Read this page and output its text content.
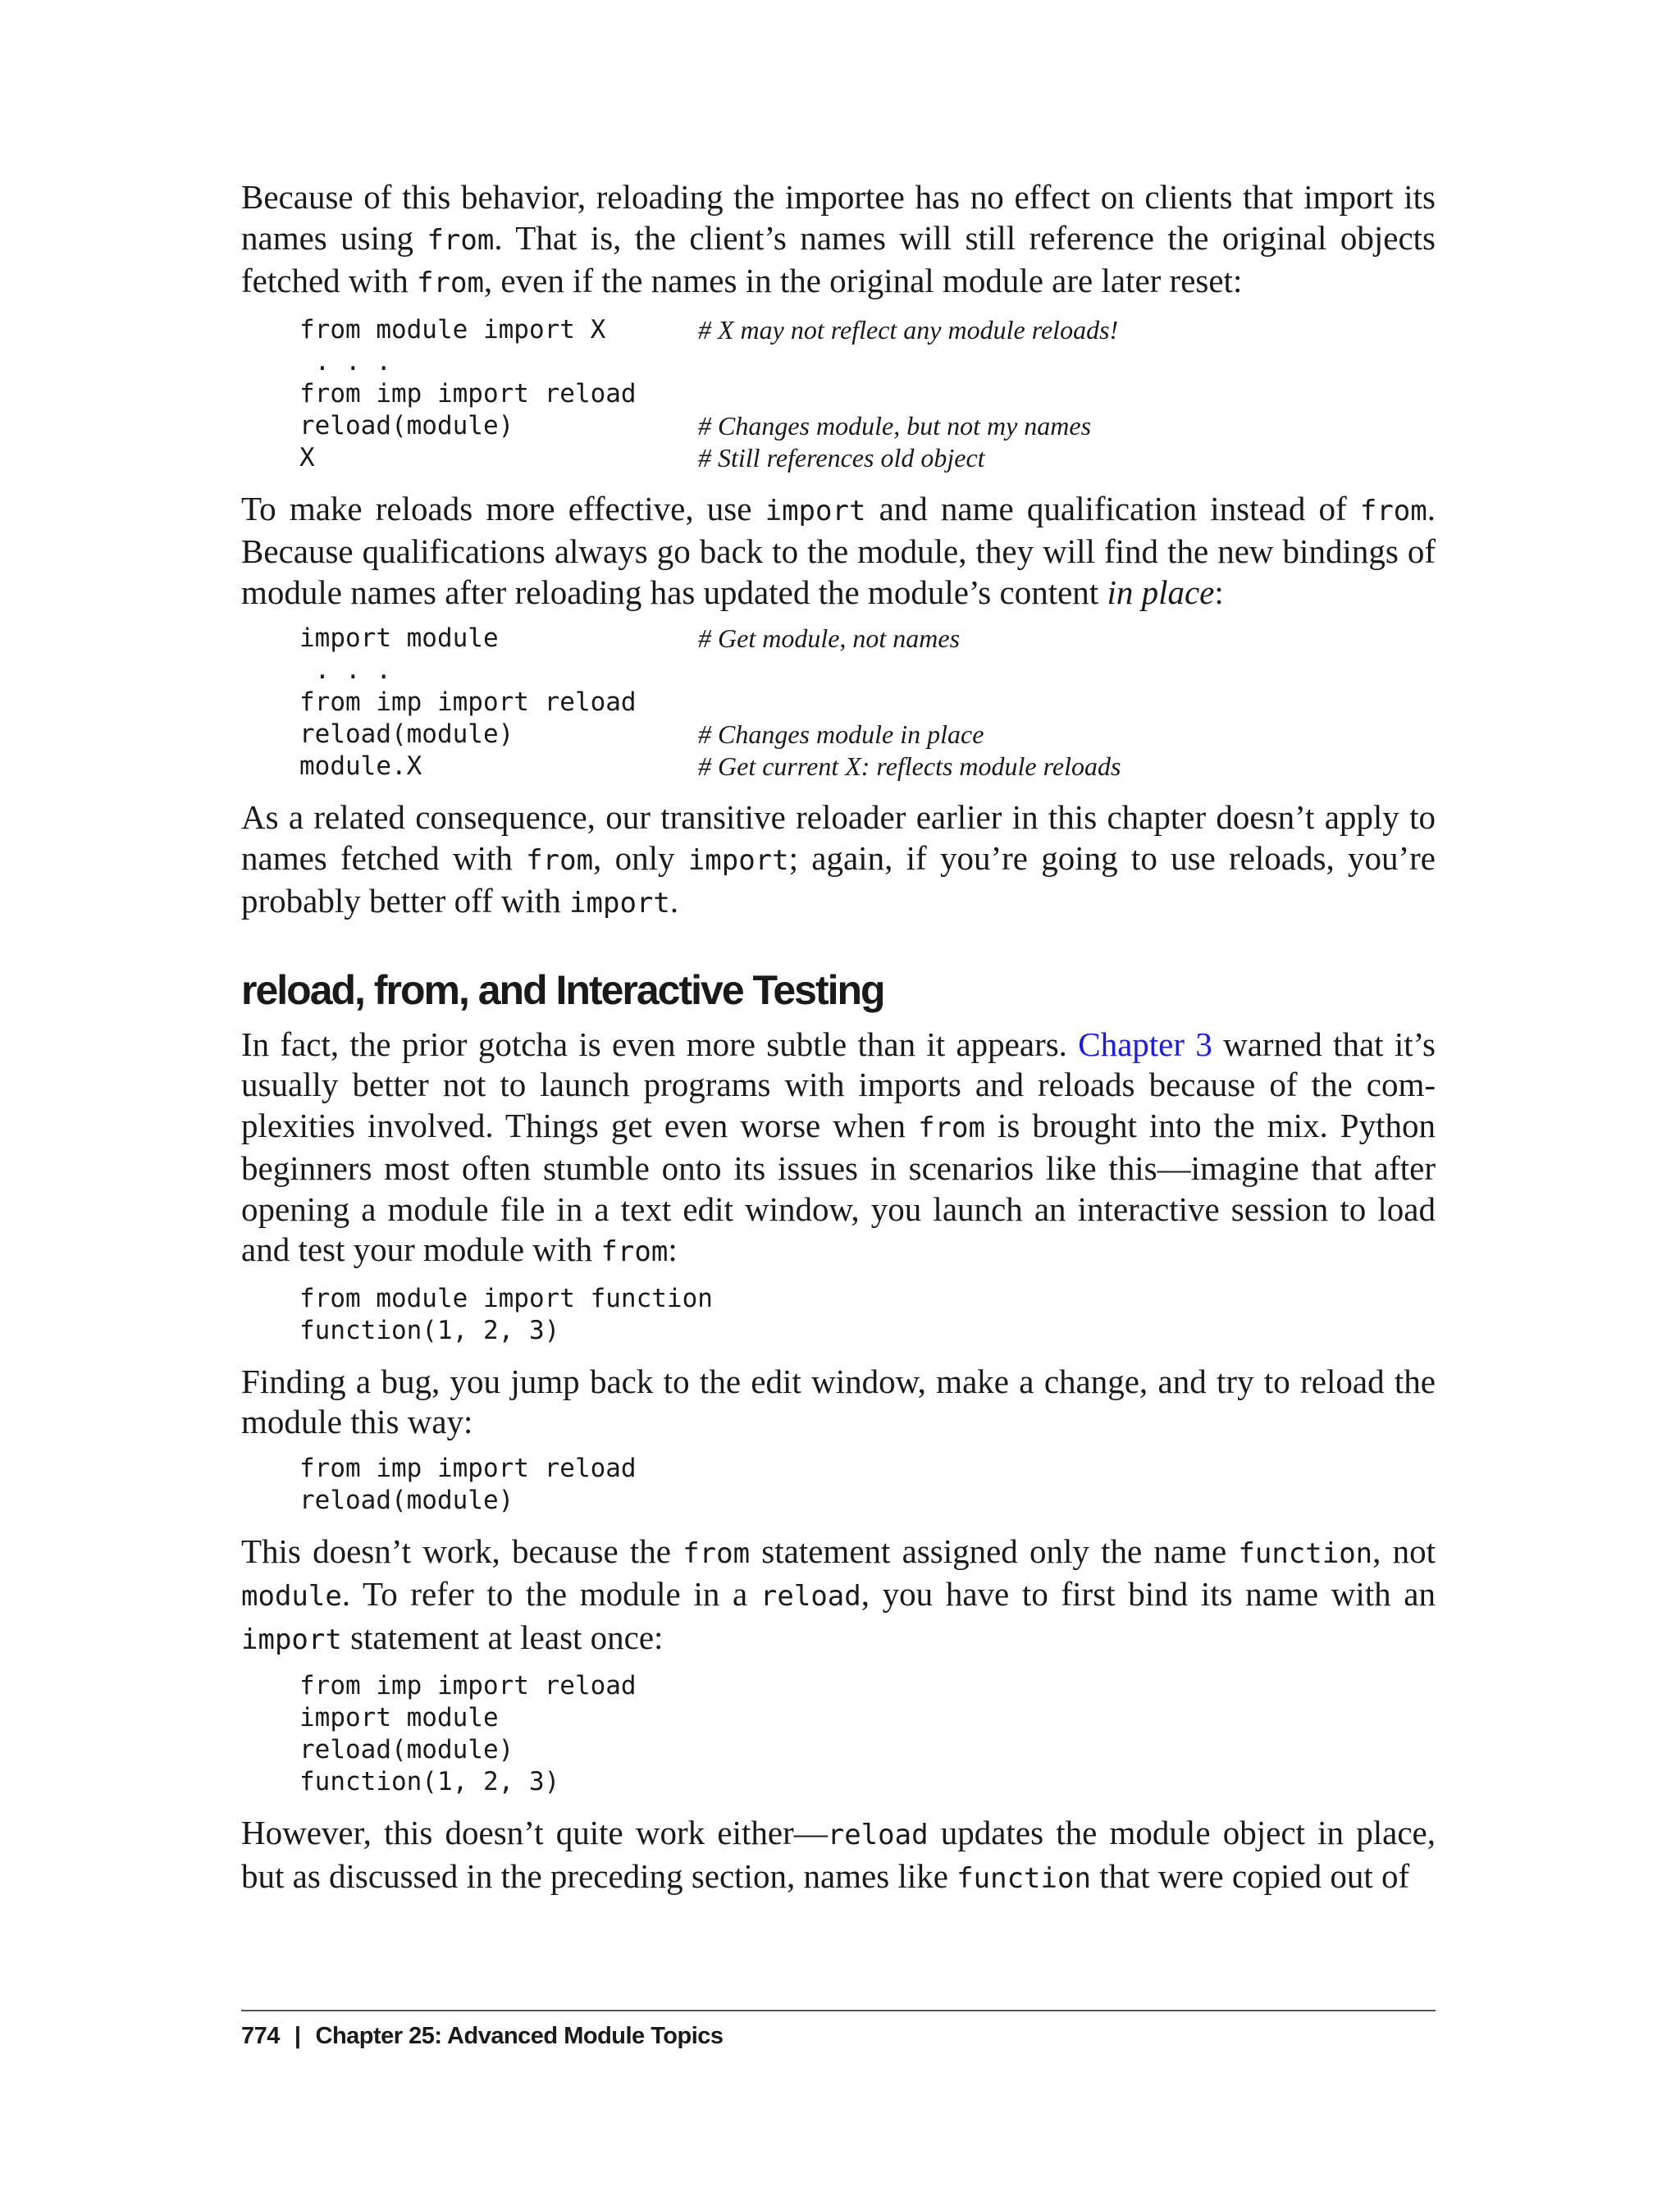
Because of this behavior, reloading the importee has no effect on clients that import its names using from. That is, the client’s names will still reference the original objects fetched with from, even if the names in the original module are later reset:

from module import X	# X may not reflect any module reloads!
. . .
from imp import reload
reload(module)	# Changes module, but not my names
X	# Still references old object

To make reloads more effective, use import and name qualification instead of from. Because qualifications always go back to the module, they will find the new bindings of module names after reloading has updated the module’s content in place:

import module	# Get module, not names
. . .
from imp import reload
reload(module)	# Changes module in place
module.X	# Get current X: reflects module reloads

As a related consequence, our transitive reloader earlier in this chapter doesn’t apply to names fetched with from, only import; again, if you’re going to use reloads, you’re probably better off with import.

reload, from, and Interactive Testing

In fact, the prior gotcha is even more subtle than it appears. Chapter 3 warned that it’s usually better not to launch programs with imports and reloads because of the complexities involved. Things get even worse when from is brought into the mix. Python beginners most often stumble onto its issues in scenarios like this—imagine that after opening a module file in a text edit window, you launch an interactive session to load and test your module with from:

from module import function
function(1, 2, 3)

Finding a bug, you jump back to the edit window, make a change, and try to reload the module this way:

from imp import reload
reload(module)

This doesn’t work, because the from statement assigned only the name function, not module. To refer to the module in a reload, you have to first bind its name with an import statement at least once:

from imp import reload
import module
reload(module)
function(1, 2, 3)

However, this doesn’t quite work either—reload updates the module object in place, but as discussed in the preceding section, names like function that were copied out of

774 | Chapter 25: Advanced Module Topics
